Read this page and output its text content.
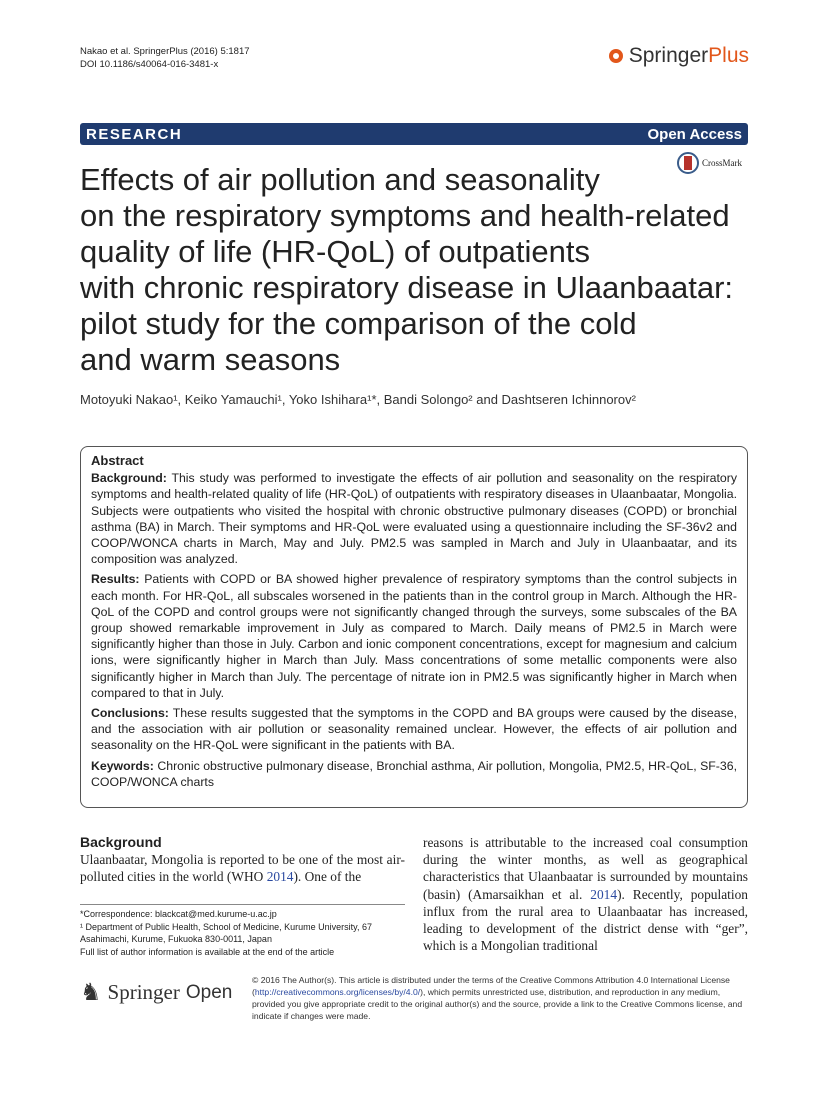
Nakao et al. SpringerPlus (2016) 5:1817
DOI 10.1186/s40064-016-3481-x	SpringerPlus
RESEARCH	Open Access
CrossMark
Effects of air pollution and seasonality
on the respiratory symptoms and health-related
quality of life (HR-QoL) of outpatients
with chronic respiratory disease in Ulaanbaatar:
pilot study for the comparison of the cold
and warm seasons
Motoyuki Nakao¹, Keiko Yamauchi¹, Yoko Ishihara¹*, Bandi Solongo² and Dashtseren Ichinnorov²
Abstract

Background: This study was performed to investigate the effects of air pollution and seasonality on the respiratory symptoms and health-related quality of life (HR-QoL) of outpatients with respiratory diseases in Ulaanbaatar, Mongolia. Subjects were outpatients who visited the hospital with chronic obstructive pulmonary diseases (COPD) or bronchial asthma (BA) in March. Their symptoms and HR-QoL were evaluated using a questionnaire including the SF-36v2 and COOP/WONCA charts in March, May and July. PM2.5 was sampled in March and July in Ulaanbaatar, and its composition was analyzed.

Results: Patients with COPD or BA showed higher prevalence of respiratory symptoms than the control subjects in each month. For HR-QoL, all subscales worsened in the patients than in the control group in March. Although the HR-QoL of the COPD and control groups were not significantly changed through the surveys, some subscales of the BA group showed remarkable improvement in July as compared to March. Daily means of PM2.5 in March were significantly higher than those in July. Carbon and ionic component concentrations, except for magnesium and calcium ions, were significantly higher in March than July. Mass concentrations of some metallic components were also significantly higher in March than July. The percentage of nitrate ion in PM2.5 was significantly higher in March when compared to that in July.

Conclusions: These results suggested that the symptoms in the COPD and BA groups were caused by the disease, and the association with air pollution or seasonality remained unclear. However, the effects of air pollution and seasonality on the HR-QoL were significant in the patients with BA.

Keywords: Chronic obstructive pulmonary disease, Bronchial asthma, Air pollution, Mongolia, PM2.5, HR-QoL, SF-36, COOP/WONCA charts

Background

Ulaanbaatar, Mongolia is reported to be one of the most air-polluted cities in the world (WHO 2014). One of the

reasons is attributable to the increased coal consumption during the winter months, as well as geographical characteristics that Ulaanbaatar is surrounded by mountains (basin) (Amarsaikhan et al. 2014). Recently, population influx from the rural area to Ulaanbaatar has increased, leading to development of the district dense with “ger”, which is a Mongolian traditional

*Correspondence: blackcat@med.kurume-u.ac.jp
¹ Department of Public Health, School of Medicine, Kurume University, 67 Asahimachi, Kurume, Fukuoka 830-0011, Japan
Full list of author information is available at the end of the article
♞ Springer Open
© 2016 The Author(s). This article is distributed under the terms of the Creative Commons Attribution 4.0 International License (http://creativecommons.org/licenses/by/4.0/), which permits unrestricted use, distribution, and reproduction in any medium, provided you give appropriate credit to the original author(s) and the source, provide a link to the Creative Commons license, and indicate if changes were made.
